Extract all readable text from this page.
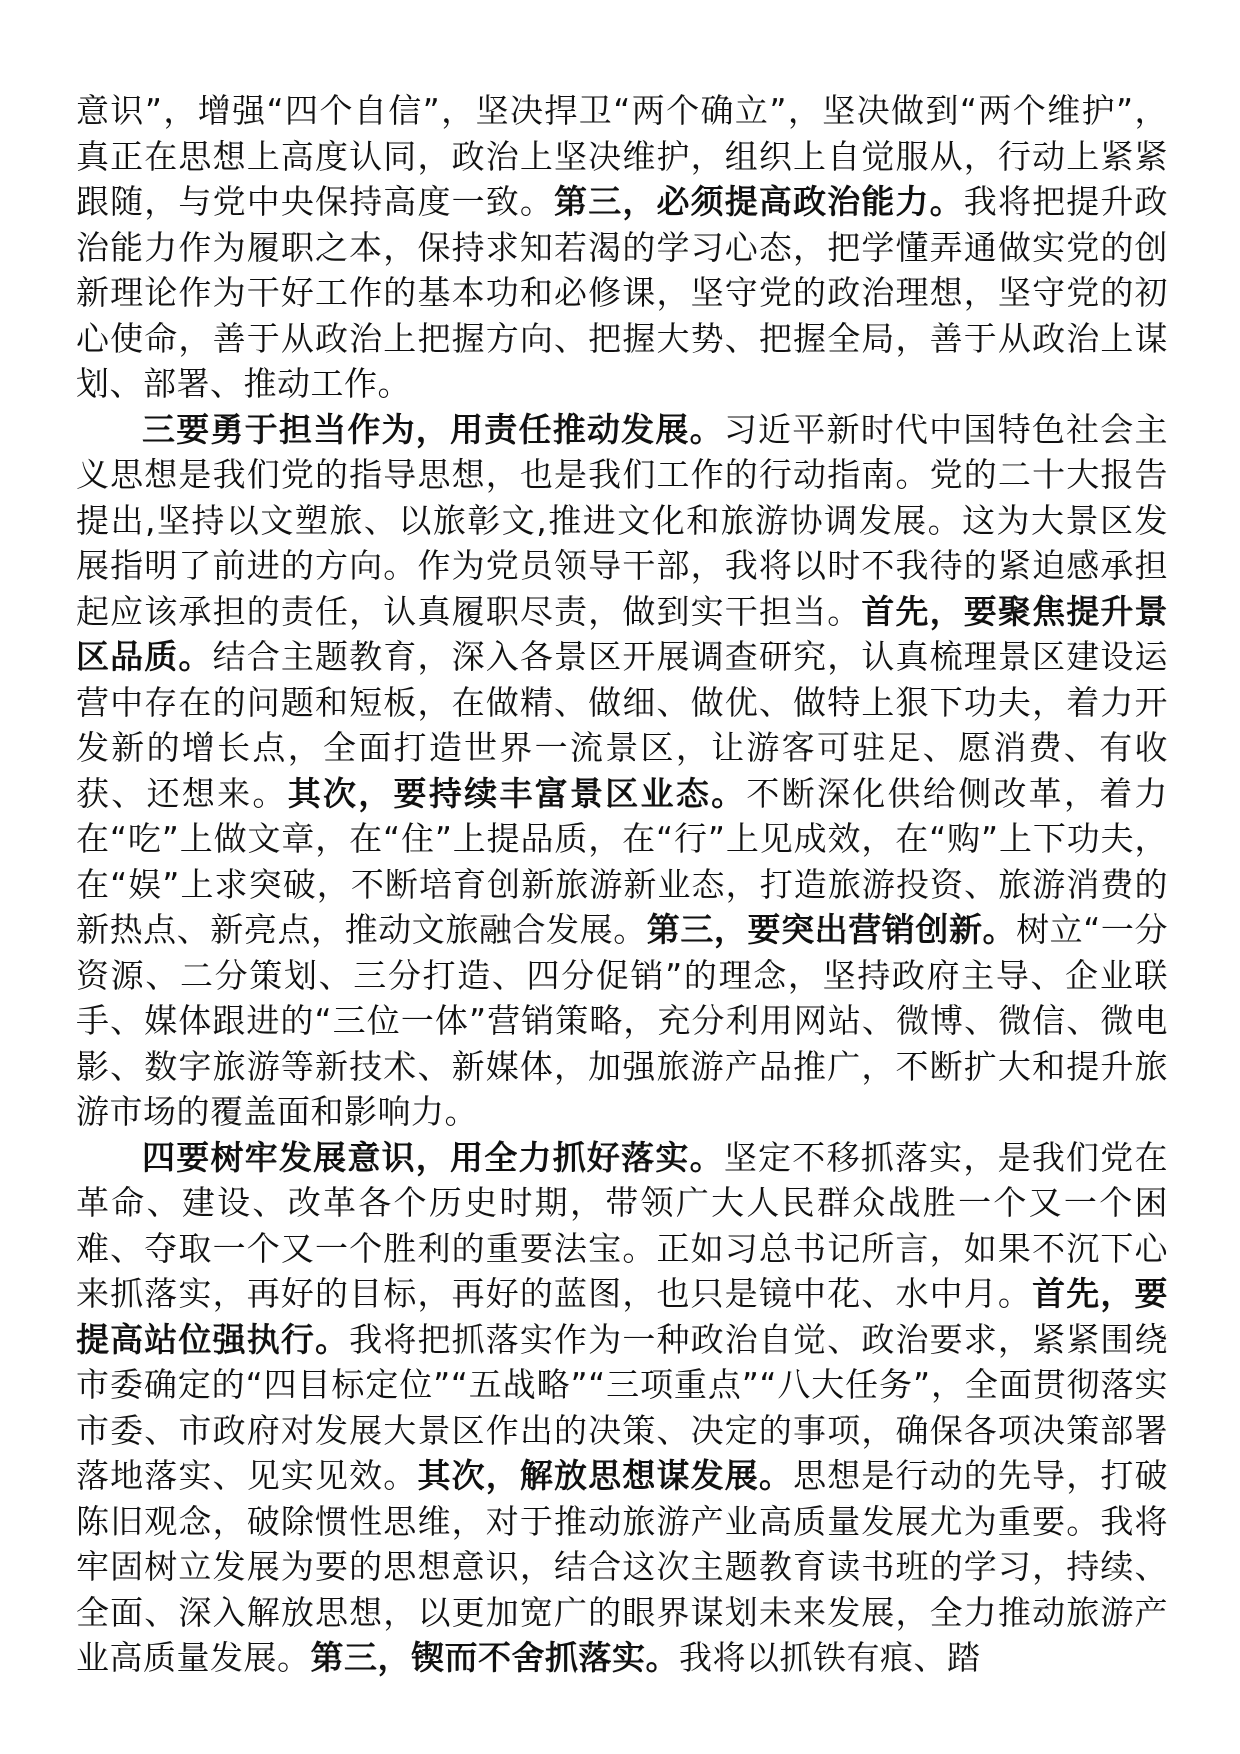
意识”，增强“四个自信”，坚决捍卫“两个确立”，坚决做到“两个维护”，真正在思想上高度认同，政治上坚决维护，组织上自觉服从，行动上紧紧跟随，与党中央保持高度一致。第三，必须提高政治能力。我将把提升政治能力作为履职之本，保持求知若渴的学习心态，把学懂弄通做实党的创新理论作为干好工作的基本功和必修课，坚守党的政治理想，坚守党的初心使命，善于从政治上把握方向、把握大势、把握全局，善于从政治上谋划、部署、推动工作。

三要勇于担当作为，用责任推动发展。习近平新时代中国特色社会主义思想是我们党的指导思想，也是我们工作的行动指南。党的二十大报告提出,坚持以文塑旅、以旅彰文,推进文化和旅游协调发展。这为大景区发展指明了前进的方向。作为党员领导干部，我将以时不我待的紧迫感承担起应该承担的责任，认真履职尽责，做到实干担当。首先，要聚焦提升景区品质。结合主题教育，深入各景区开展调查研究，认真梳理景区建设运营中存在的问题和短板，在做精、做细、做优、做特上狠下功夫，着力开发新的增长点，全面打造世界一流景区，让游客可驻足、愿消费、有收获、还想来。其次，要持续丰富景区业态。不断深化供给侧改革，着力在“吃”上做文章，在“住”上提品质，在“行”上见成效，在“购”上下功夫，在“娱”上求突破，不断培育创新旅游新业态，打造旅游投资、旅游消费的新热点、新亮点，推动文旅融合发展。第三，要突出营销创新。树立“一分资源、二分策划、三分打造、四分促销”的理念，坚持政府主导、企业联手、媒体跟进的“三位一体”营销策略，充分利用网站、微博、微信、微电影、数字旅游等新技术、新媒体，加强旅游产品推广，不断扩大和提升旅游市场的覆盖面和影响力。

四要树牢发展意识，用全力抓好落实。坚定不移抓落实，是我们党在革命、建设、改革各个历史时期，带领广大人民群众战胜一个又一个困难、夺取一个又一个胜利的重要法宝。正如习总书记所言，如果不沉下心来抓落实，再好的目标，再好的蓝图，也只是镜中花、水中月。首先，要提高站位强执行。我将把抓落实作为一种政治自觉、政治要求，紧紧围绕市委确定的“四目标定位”“五战略”“三项重点”“八大任务”，全面贯彻落实市委、市政府对发展大景区作出的决策、决定的事项，确保各项决策部署落地落实、见实见效。其次，解放思想谋发展。思想是行动的先导，打破陈旧观念，破除惯性思维，对于推动旅游产业高质量发展尤为重要。我将牢固树立发展为要的思想意识，结合这次主题教育读书班的学习，持续、全面、深入解放思想，以更加宽广的眼界谋划未来发展，全力推动旅游产业高质量发展。第三，锲而不舍抓落实。我将以抓铁有痕、踏
